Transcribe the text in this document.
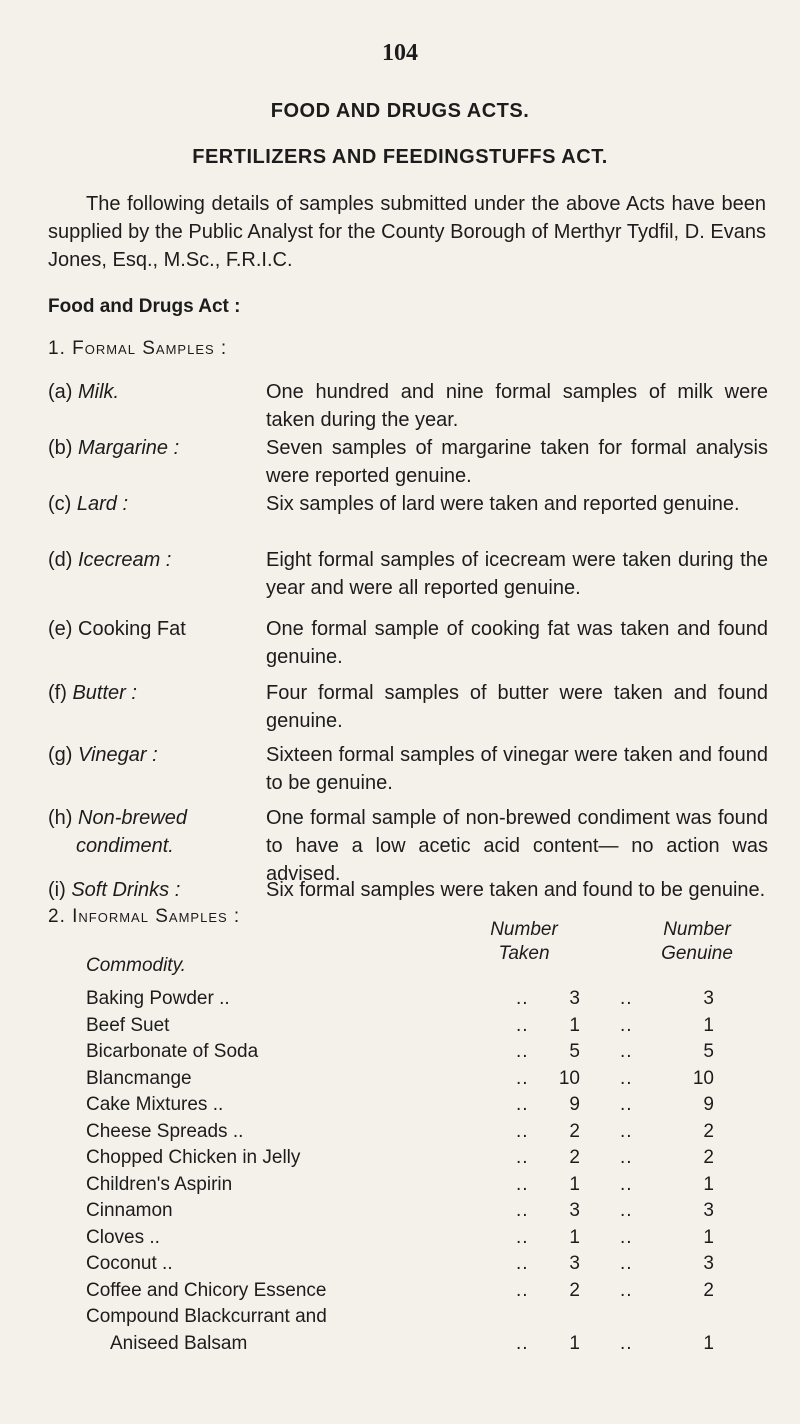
104
FOOD AND DRUGS ACTS.
FERTILIZERS AND FEEDINGSTUFFS ACT.
The following details of samples submitted under the above Acts have been supplied by the Public Analyst for the County Borough of Merthyr Tydfil, D. Evans Jones, Esq., M.Sc., F.R.I.C.
Food and Drugs Act :
1. Formal Samples :
(a) Milk.	One hundred and nine formal samples of milk were taken during the year.
(b) Margarine :	Seven samples of margarine taken for formal analysis were reported genuine.
(c) Lard :	Six samples of lard were taken and reported genuine.
(d) Icecream :	Eight formal samples of icecream were taken during the year and were all reported genuine.
(e) Cooking Fat	One formal sample of cooking fat was taken and found genuine.
(f) Butter :	Four formal samples of butter were taken and found genuine.
(g) Vinegar :	Sixteen formal samples of vinegar were taken and found to be genuine.
(h) Non-brewed
condiment.
One formal sample of non-brewed condiment was found to have a low acetic acid content— no action was advised.
(i) Soft Drinks :	Six formal samples were taken and found to be genuine.
2. Informal Samples :
Commodity.
Number Taken
Number Genuine
Baking Powder ..	..	3 ..	3
Beef Suet	..	1 ..	1
Bicarbonate of Soda	..	5 ..	5
Blancmange	..	10 ..	10
Cake Mixtures ..	..	9 ..	9
Cheese Spreads ..	..	2 ..	2
Chopped Chicken in Jelly	..	2 ..	2
Children's Aspirin	..	1 ..	1
Cinnamon	..	3 ..	3
Cloves ..	..	1 ..	1
Coconut ..	..	3 ..	3
Coffee and Chicory Essence	..	2 ..	2
Compound Blackcurrant and
Aniseed Balsam	..	1 ..	1
